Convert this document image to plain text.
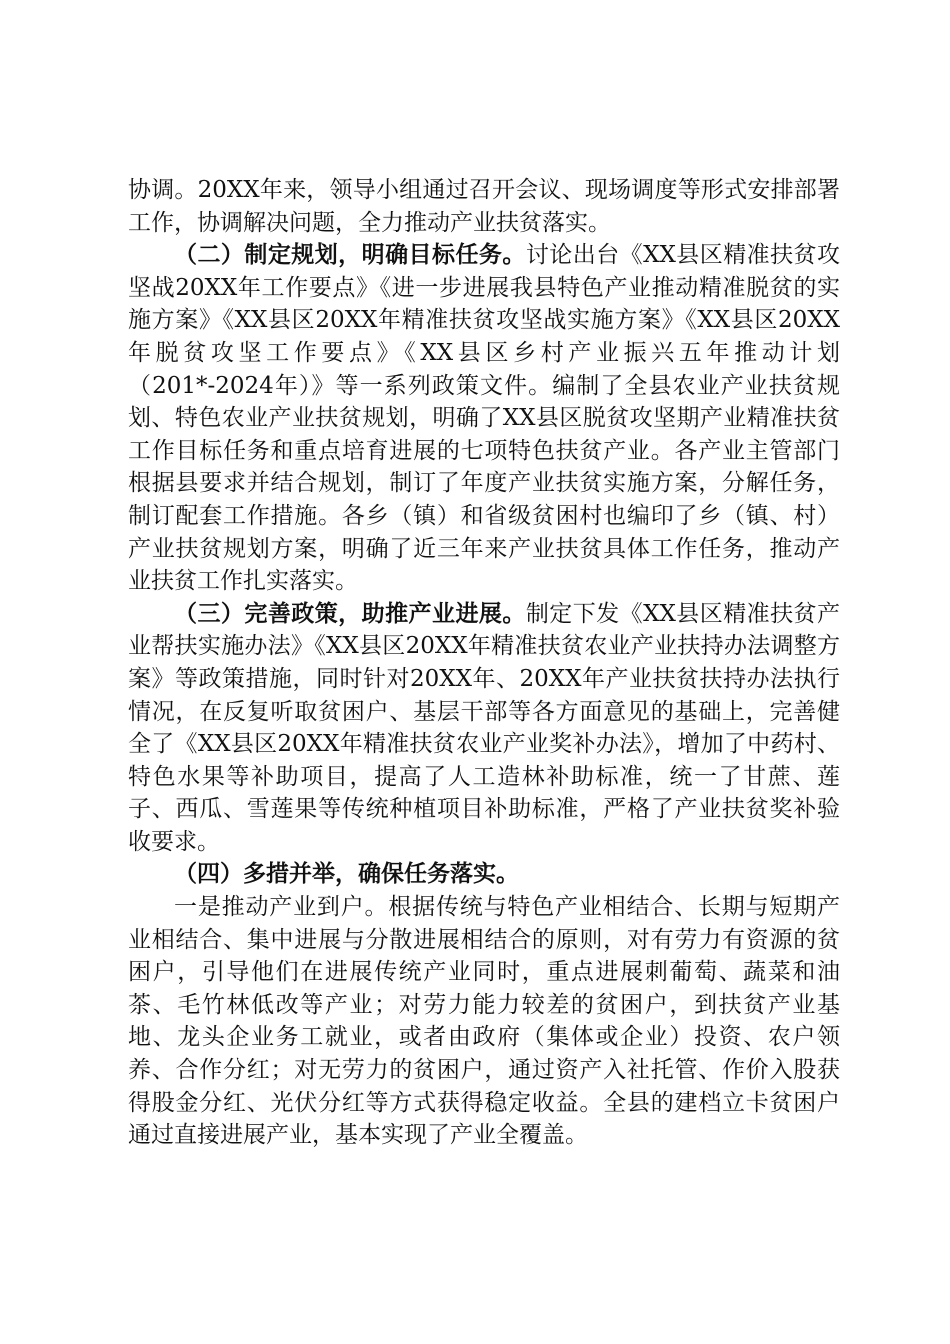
协调。20XX年来，领导小组通过召开会议、现场调度等形式安排部署工作，协调解决问题，全力推动产业扶贫落实。

（二）制定规划，明确目标任务。讨论出台《XX县区精准扶贫攻坚战20XX年工作要点》《进一步进展我县特色产业推动精准脱贫的实施方案》《XX县区20XX年精准扶贫攻坚战实施方案》《XX县区20XX年脱贫攻坚工作要点》《XX县区乡村产业振兴五年推动计划（201*-2024年）》等一系列政策文件。编制了全县农业产业扶贫规划、特色农业产业扶贫规划，明确了XX县区脱贫攻坚期产业精准扶贫工作目标任务和重点培育进展的七项特色扶贫产业。各产业主管部门根据县要求并结合规划，制订了年度产业扶贫实施方案，分解任务，制订配套工作措施。各乡（镇）和省级贫困村也编印了乡（镇、村）产业扶贫规划方案，明确了近三年来产业扶贫具体工作任务，推动产业扶贫工作扎实落实。

（三）完善政策，助推产业进展。制定下发《XX县区精准扶贫产业帮扶实施办法》《XX县区20XX年精准扶贫农业产业扶持办法调整方案》等政策措施，同时针对20XX年、20XX年产业扶贫扶持办法执行情况，在反复听取贫困户、基层干部等各方面意见的基础上，完善健全了《XX县区20XX年精准扶贫农业产业奖补办法》，增加了中药村、特色水果等补助项目，提高了人工造林补助标准，统一了甘蔗、莲子、西瓜、雪莲果等传统种植项目补助标准，严格了产业扶贫奖补验收要求。

（四）多措并举，确保任务落实。

一是推动产业到户。根据传统与特色产业相结合、长期与短期产业相结合、集中进展与分散进展相结合的原则，对有劳力有资源的贫困户，引导他们在进展传统产业同时，重点进展刺葡萄、蔬菜和油茶、毛竹林低改等产业；对劳力能力较差的贫困户，到扶贫产业基地、龙头企业务工就业，或者由政府（集体或企业）投资、农户领养、合作分红；对无劳力的贫困户，通过资产入社托管、作价入股获得股金分红、光伏分红等方式获得稳定收益。全县的建档立卡贫困户通过直接进展产业，基本实现了产业全覆盖。
